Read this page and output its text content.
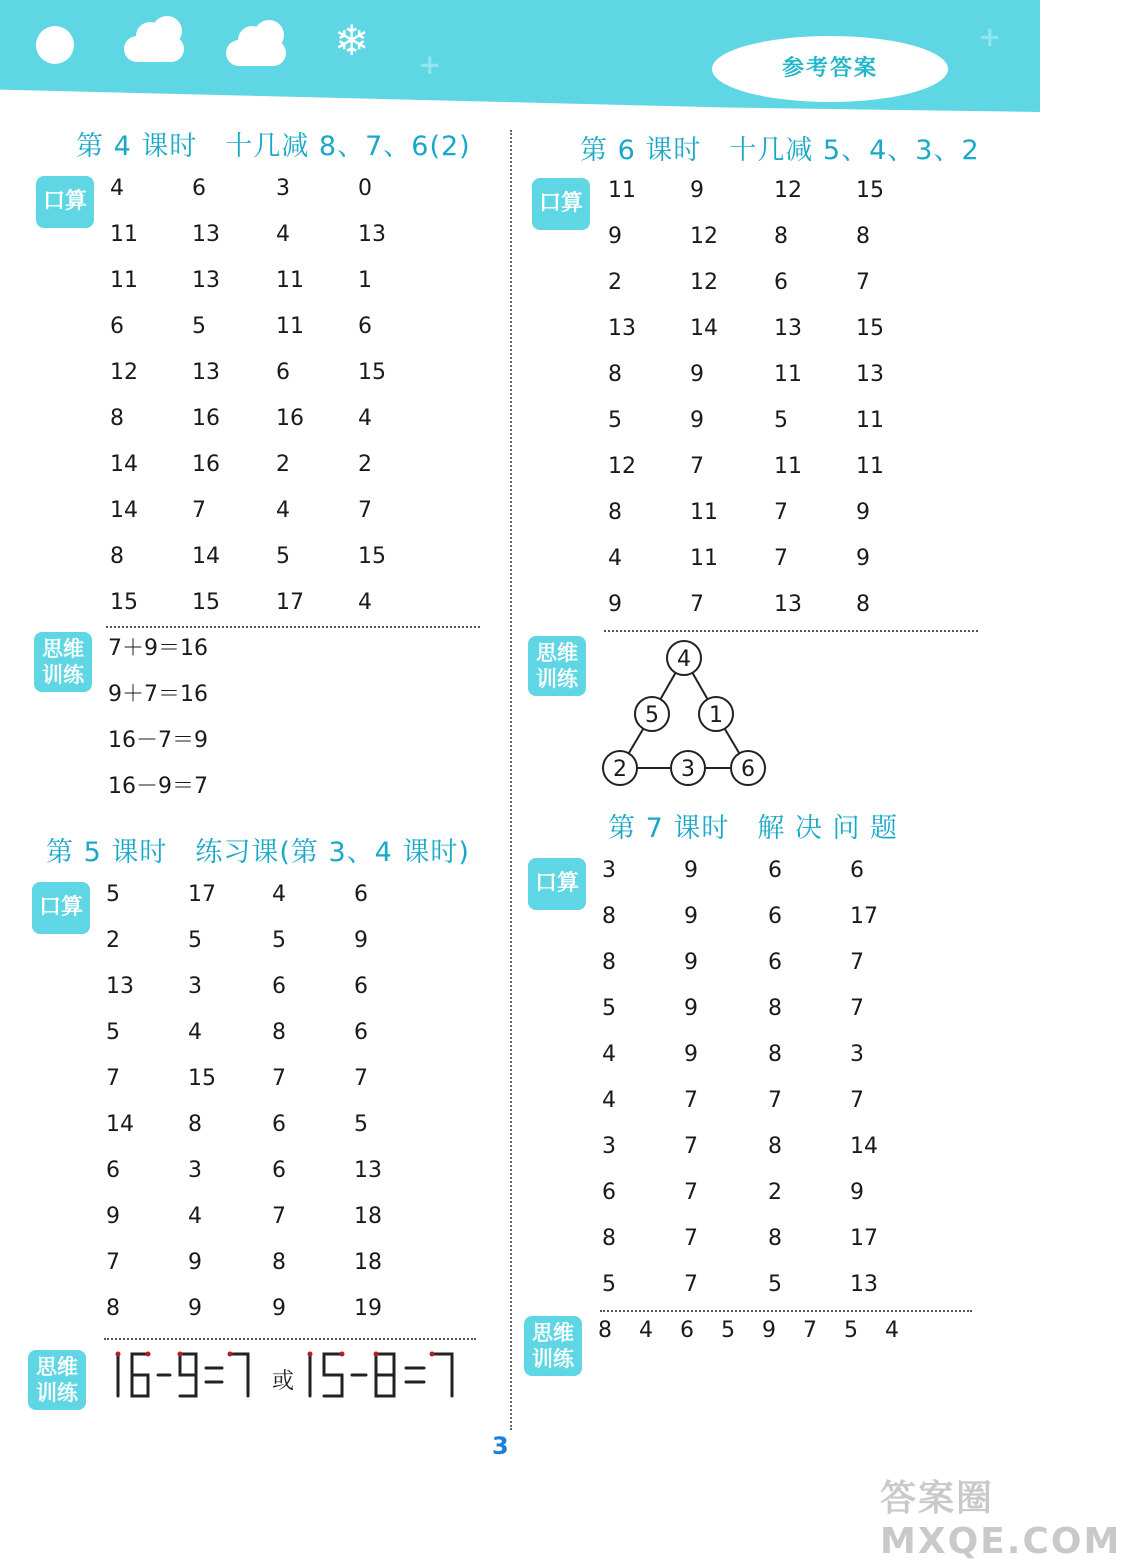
❄ +
+
参考答案
第 4 课时　十几减 8、7、6(2)
口算
4	6	3	0
11	13	4	13
11	13	11	1
6	5	11	6
12	13	6	15
8	16	16	4
14	16	2	2
14	7	4	7
8	14	5	15
15	15	17	4
思维
训练
7＋9＝16
9＋7＝16
16－7＝9
16－9＝7
第 5 课时　练习课(第 3、4 课时)
口算
5	17	4	6
2	5	5	9
13	3	6	6
5	4	8	6
7	15	7	7
14	8	6	5
6	3	6	13
9	4	7	18
7	9	8	18
8	9	9	19
思维
训练	或
第 6 课时　十几减 5、4、3、2
口算
11	9	12	15
9	12	8	8
2	12	6	7
13	14	13	15
8	9	11	13
5	9	5	11
12	7	11	11
8	11	7	9
4	11	7	9
9	7	13	8
思维
训练
4
5 1
2 3 6
第 7 课时　解 决 问 题
口算
3	9	6	6
8	9	6	17
8	9	6	7
5	9	8	7
4	9	8	3
4	7	7	7
3	7	8	14
6	7	2	9
8	7	8	17
5	7	5	13
思维
训练
8	4	6	5	9	7	5	4
3
答案圈 MXQE.COM
